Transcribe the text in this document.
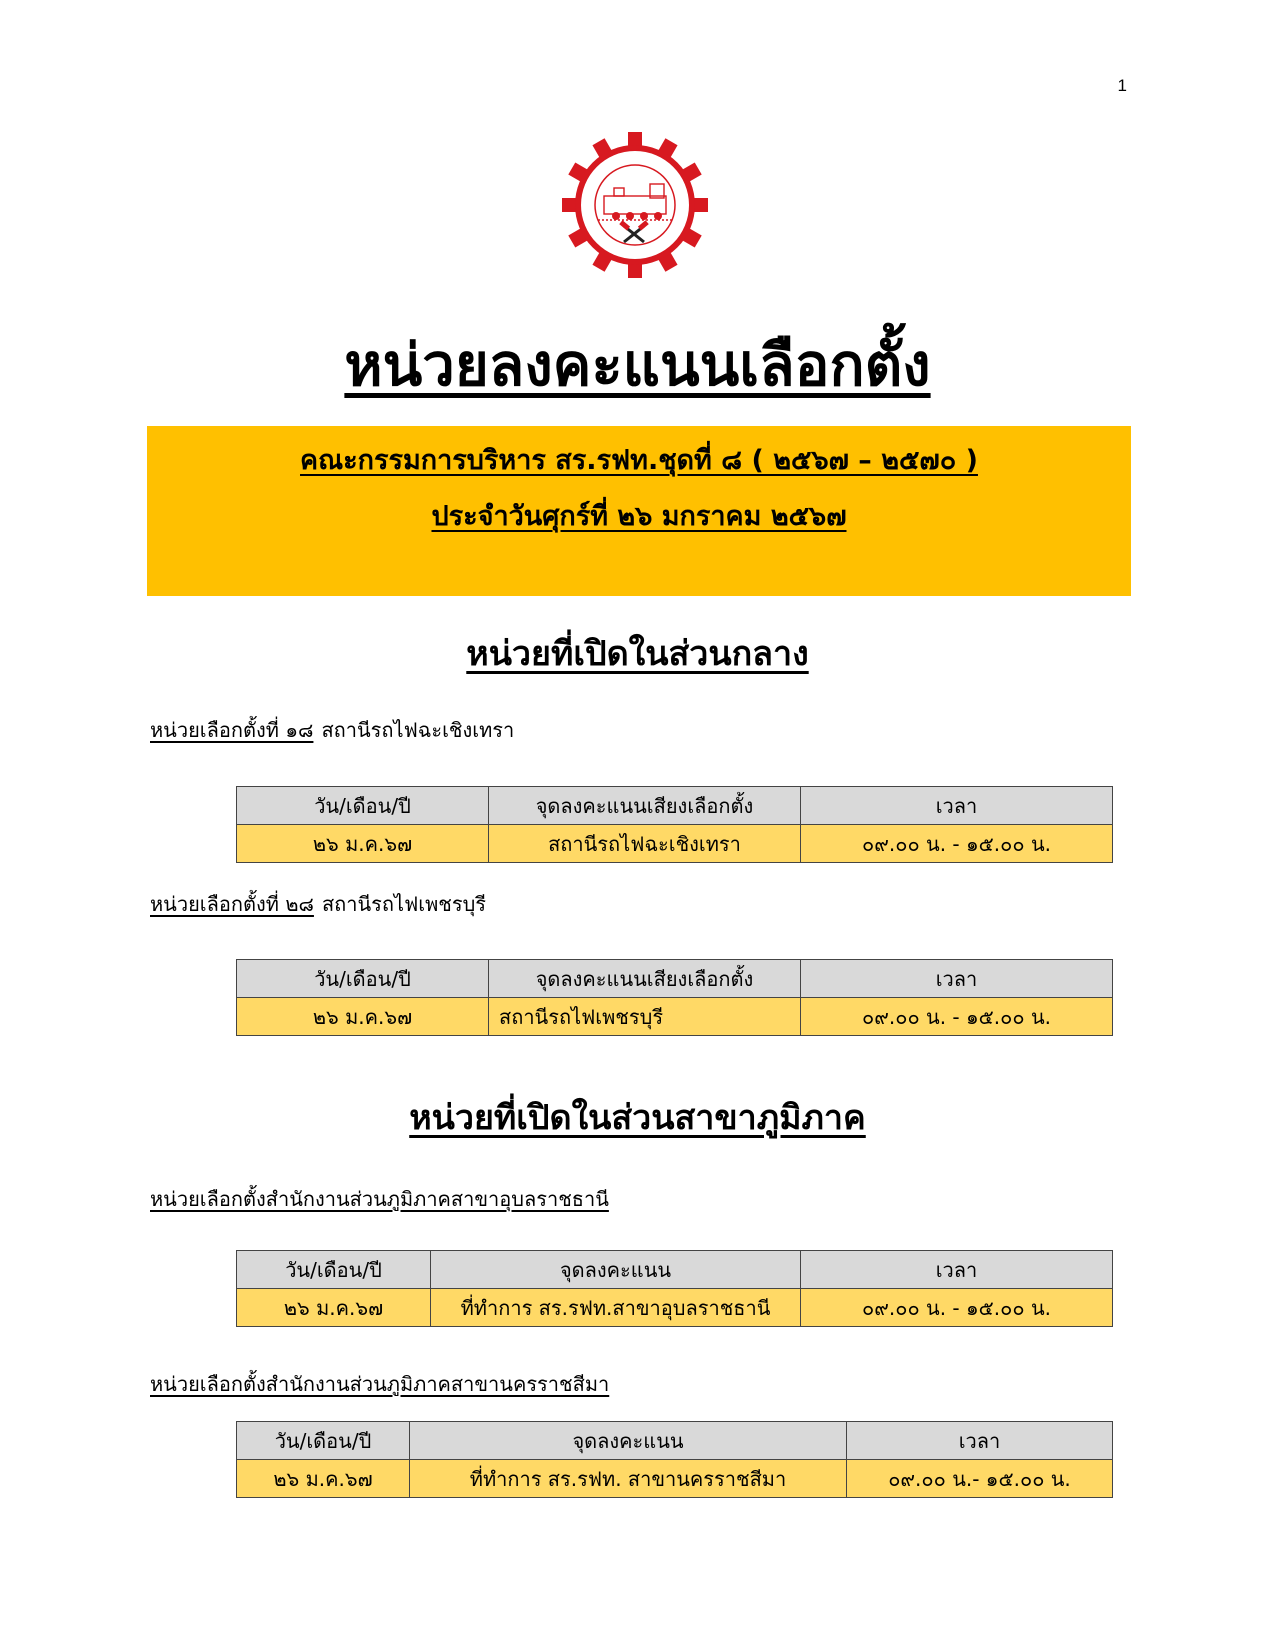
1
หน่วยลงคะแนนเลือกตั้ง
คณะกรรมการบริหาร สร.รฟท.ชุดที่ ๘ ( ๒๕๖๗ – ๒๕๗๐ )
ประจำวันศุกร์ที่ ๒๖ มกราคม ๒๕๖๗
หน่วยที่เปิดในส่วนกลาง
หน่วยเลือกตั้งที่ ๑๘ สถานีรถไฟฉะเชิงเทรา
วัน/เดือน/ปี	จุดลงคะแนนเสียงเลือกตั้ง	เวลา
๒๖ ม.ค.๖๗	สถานีรถไฟฉะเชิงเทรา	๐๙.๐๐ น. - ๑๕.๐๐ น.
หน่วยเลือกตั้งที่ ๒๘ สถานีรถไฟเพชรบุรี
วัน/เดือน/ปี	จุดลงคะแนนเสียงเลือกตั้ง	เวลา
๒๖ ม.ค.๖๗	สถานีรถไฟเพชรบุรี	๐๙.๐๐ น. - ๑๕.๐๐ น.
หน่วยที่เปิดในส่วนสาขาภูมิภาค
หน่วยเลือกตั้งสำนักงานส่วนภูมิภาคสาขาอุบลราชธานี
วัน/เดือน/ปี	จุดลงคะแนน	เวลา
๒๖ ม.ค.๖๗	ที่ทำการ สร.รฟท.สาขาอุบลราชธานี	๐๙.๐๐ น. - ๑๕.๐๐ น.
หน่วยเลือกตั้งสำนักงานส่วนภูมิภาคสาขานครราชสีมา
วัน/เดือน/ปี	จุดลงคะแนน	เวลา
๒๖ ม.ค.๖๗	ที่ทำการ สร.รฟท. สาขานครราชสีมา	๐๙.๐๐ น.- ๑๕.๐๐ น.
